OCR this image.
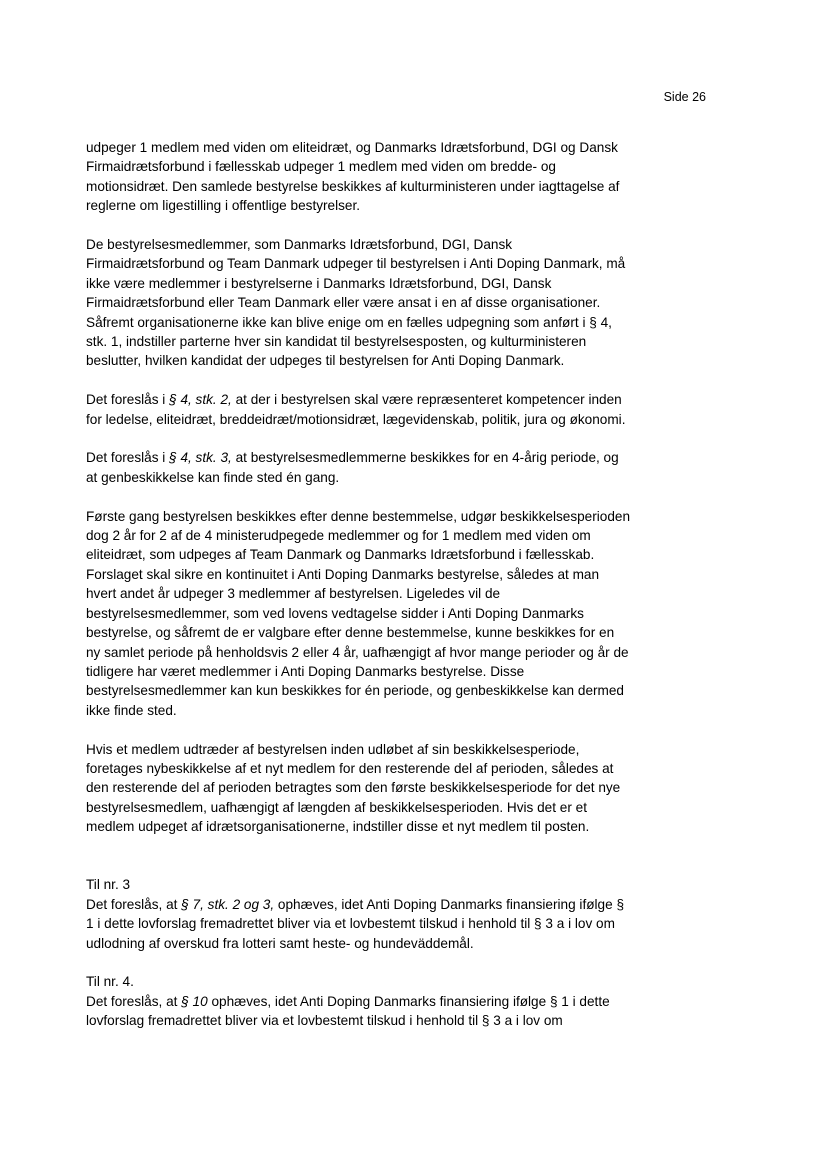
Side 26

udpeger 1 medlem med viden om eliteidræt, og Danmarks Idrætsforbund, DGI og Dansk Firmaidrætsforbund i fællesskab udpeger 1 medlem med viden om bredde- og motionsidræt. Den samlede bestyrelse beskikkes af kulturministeren under iagttagelse af reglerne om ligestilling i offentlige bestyrelser.

De bestyrelsesmedlemmer, som Danmarks Idrætsforbund, DGI, Dansk Firmaidrætsforbund og Team Danmark udpeger til bestyrelsen i Anti Doping Danmark, må ikke være medlemmer i bestyrelserne i Danmarks Idrætsforbund, DGI, Dansk Firmaidrætsforbund eller Team Danmark eller være ansat i en af disse organisationer. Såfremt organisationerne ikke kan blive enige om en fælles udpegning som anført i § 4, stk. 1, indstiller parterne hver sin kandidat til bestyrelsesposten, og kulturministeren beslutter, hvilken kandidat der udpeges til bestyrelsen for Anti Doping Danmark.

Det foreslås i § 4, stk. 2, at der i bestyrelsen skal være repræsenteret kompetencer inden for ledelse, eliteidræt, breddeidræt/motionsidræt, lægevidenskab, politik, jura og økonomi.

Det foreslås i § 4, stk. 3, at bestyrelsesmedlemmerne beskikkes for en 4-årig periode, og at genbeskikkelse kan finde sted én gang.

Første gang bestyrelsen beskikkes efter denne bestemmelse, udgør beskikkelsesperioden dog 2 år for 2 af de 4 ministerudpegede medlemmer og for 1 medlem med viden om eliteidræt, som udpeges af Team Danmark og Danmarks Idrætsforbund i fællesskab. Forslaget skal sikre en kontinuitet i Anti Doping Danmarks bestyrelse, således at man hvert andet år udpeger 3 medlemmer af bestyrelsen. Ligeledes vil de bestyrelsesmedlemmer, som ved lovens vedtagelse sidder i Anti Doping Danmarks bestyrelse, og såfremt de er valgbare efter denne bestemmelse, kunne beskikkes for en ny samlet periode på henholdsvis 2 eller 4 år, uafhængigt af hvor mange perioder og år de tidligere har været medlemmer i Anti Doping Danmarks bestyrelse. Disse bestyrelsesmedlemmer kan kun beskikkes for én periode, og genbeskikkelse kan dermed ikke finde sted.

Hvis et medlem udtræder af bestyrelsen inden udløbet af sin beskikkelsesperiode, foretages nybeskikkelse af et nyt medlem for den resterende del af perioden, således at den resterende del af perioden betragtes som den første beskikkelsesperiode for det nye bestyrelsesmedlem, uafhængigt af længden af beskikkelsesperioden. Hvis det er et medlem udpeget af idrætsorganisationerne, indstiller disse et nyt medlem til posten.

Til nr. 3

Det foreslås, at § 7, stk. 2 og 3, ophæves, idet Anti Doping Danmarks finansiering ifølge § 1 i dette lovforslag fremadrettet bliver via et lovbestemt tilskud i henhold til § 3 a i lov om udlodning af overskud fra lotteri samt heste- og hundeväddemål.

Til nr. 4.

Det foreslås, at § 10 ophæves, idet Anti Doping Danmarks finansiering ifølge § 1 i dette lovforslag fremadrettet bliver via et lovbestemt tilskud i henhold til § 3 a i lov om
